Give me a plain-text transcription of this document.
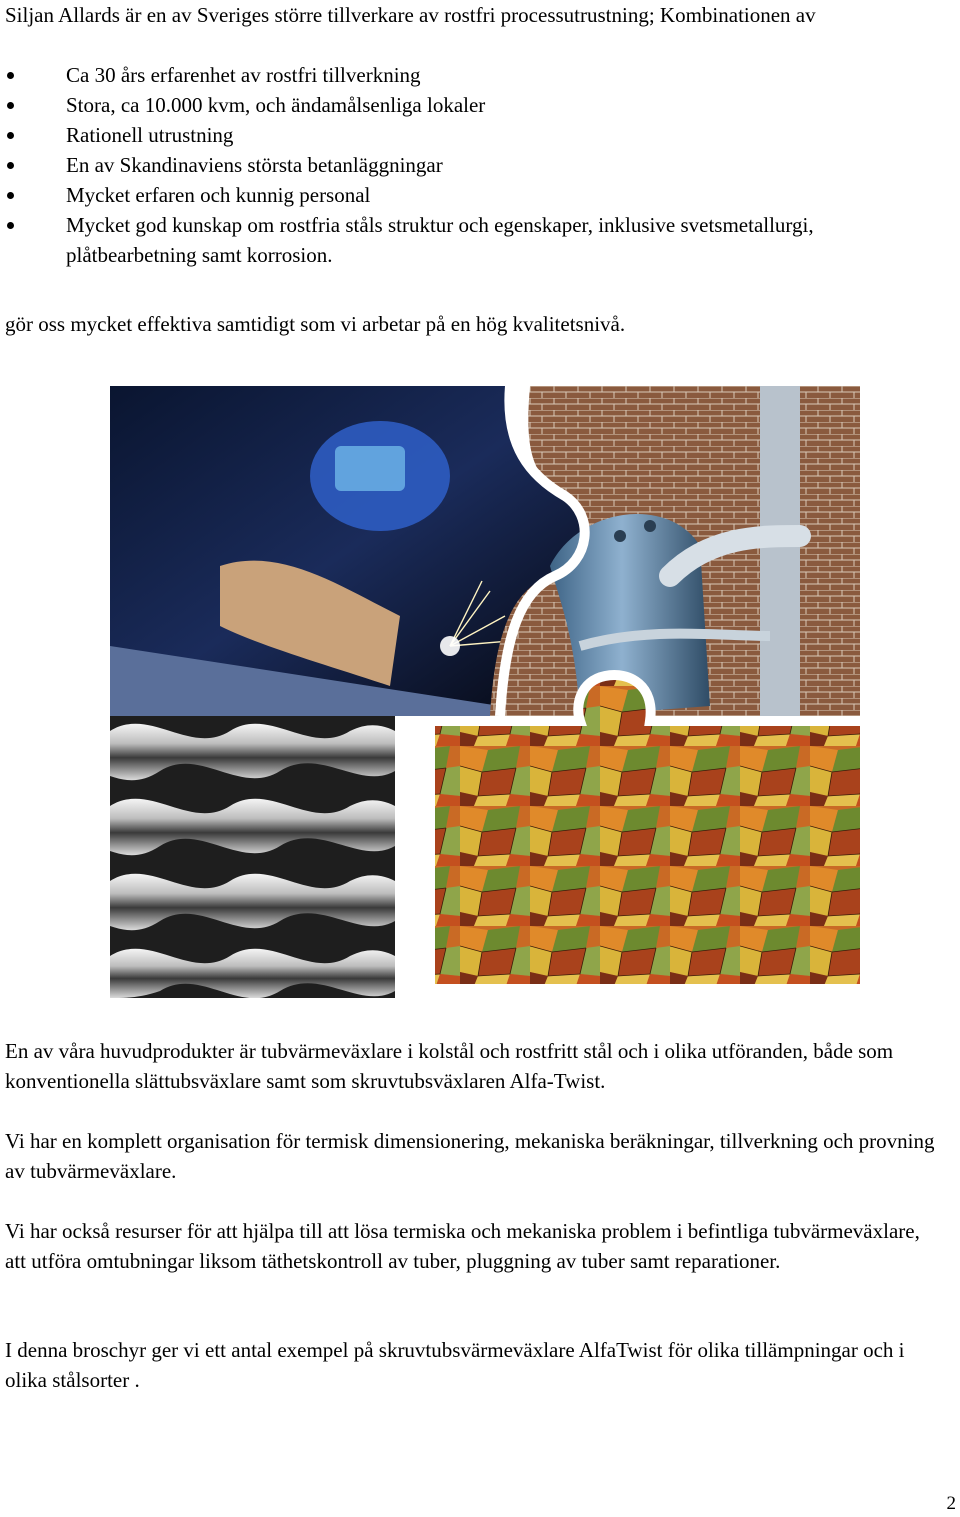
Siljan Allards är en av Sveriges större tillverkare av rostfri processutrustning; Kombinationen av

Ca 30 års erfarenhet av rostfri tillverkning
Stora, ca 10.000 kvm, och ändamålsenliga lokaler
Rationell utrustning
En av Skandinaviens största betanläggningar
Mycket erfaren och kunnig personal
Mycket god kunskap om rostfria ståls struktur och egenskaper, inklusive svetsmetallurgi, plåtbearbetning samt korrosion.

gör oss mycket effektiva samtidigt som vi arbetar på en hög kvalitetsnivå.

En av våra huvudprodukter är tubvärmeväxlare i kolstål och rostfritt stål och i olika utföranden, både som konventionella slättubsväxlare samt som skruvtubsväxlaren Alfa-Twist.

Vi har en komplett organisation för termisk dimensionering, mekaniska beräkningar, tillverkning och provning av tubvärmeväxlare.

Vi har också resurser för att hjälpa till att lösa termiska och mekaniska problem i befintliga tubvärmeväxlare, att utföra omtubningar liksom täthetskontroll av tuber, pluggning av tuber samt reparationer.

I denna broschyr ger vi ett antal exempel på skruvtubsvärmeväxlare AlfaTwist för olika tillämpningar och i olika stålsorter .

2
